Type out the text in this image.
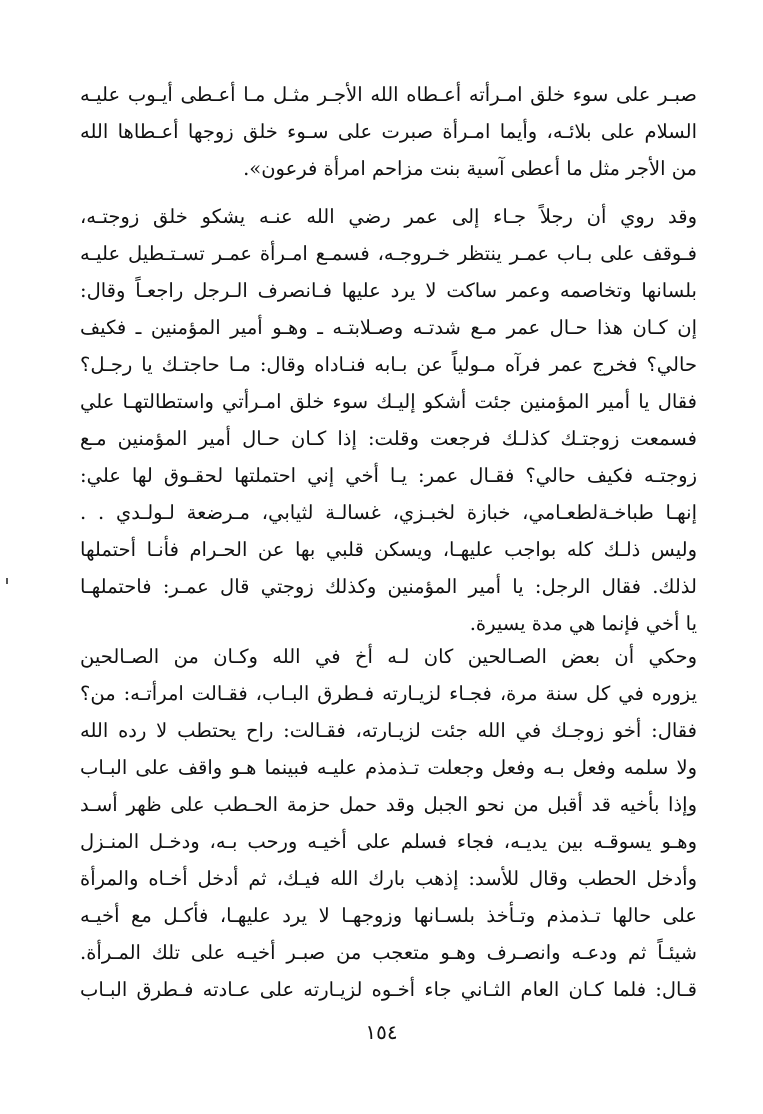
صبـر على سوء خلق امـرأته أعـطاه الله الأجـر مثـل مـا أعـطى أيـوب عليـه
السلام على بلائـه، وأيما امـرأة صبرت على سـوء خلق زوجها أعـطاها الله
من الأجر مثل ما أعطى آسية بنت مزاحم امرأة فرعون».
وقد روي أن رجلاً جـاء إلى عمر رضي الله عنـه يشكو خلق زوجتـه،
فـوقف على بـاب عمـر ينتظر خـروجـه، فسمـع امـرأة عمـر تسـتـطيل عليـه
بلسانها وتخاصمه وعمر ساكت لا يرد عليها فـانصرف الـرجل راجعـاً وقال:
إن كـان هذا حـال عمر مـع شدتـه وصـلابتـه ـ وهـو أمير المؤمنين ـ فكيف
حالي؟ فخرج عمر فرآه مـولياً عن بـابه فنـاداه وقال: مـا حاجتـك يا رجـل؟
فقال يا أمير المؤمنين جئت أشكو إليـك سوء خلق امـرأتي واستطالتهـا علي
فسمعت زوجتـك كذلـك فرجعت وقلت: إذا كـان حـال أمير المؤمنين مـع
زوجتـه فكيف حالي؟ فقـال عمر: يـا أخي إني احتملتها لحقـوق لها علي:
إنهـا طباخـةلطعـامي، خبازة لخبـزي، غسالـة لثيابي، مـرضعة لـولـدي . .
وليس ذلـك كله بواجب عليهـا، ويسكن قلبي بها عن الحـرام فأنـا أحتملها
لذلك. فقال الرجل: يا أمير المؤمنين وكذلك زوجتي قال عمـر: فاحتملهـا
يا أخي فإنما هي مدة يسيرة.
وحكي أن بعض الصـالحين كان لـه أخ في الله وكـان من الصـالحين
يزوره في كل سنة مرة، فجـاء لزيـارته فـطرق البـاب، فقـالت امرأتـه: من؟
فقال: أخو زوجـك في الله جئت لزيـارته، فقـالت: راح يحتطب لا رده الله
ولا سلمه وفعل بـه وفعل وجعلت تـذمذم عليـه فبينما هـو واقف على البـاب
وإذا بأخيه قد أقبل من نحو الجبل وقد حمل حزمة الحـطب على ظهر أسـد
وهـو يسوقـه بين يديـه، فجاء فسلم على أخيـه ورحب بـه، ودخـل المنـزل
وأدخل الحطب وقال للأسد: إذهب بارك الله فيـك، ثم أدخل أخـاه والمرأة
على حالها تـذمذم وتـأخذ بلسـانها وزوجهـا لا يرد عليهـا، فأكـل مع أخيـه
شيئـاً ثم ودعـه وانصـرف وهـو متعجب من صبـر أخيـه على تلك المـرأة.
قـال: فلما كـان العام الثـاني جاء أخـوه لزيـارته على عـادته فـطرق البـاب
١٥٤
